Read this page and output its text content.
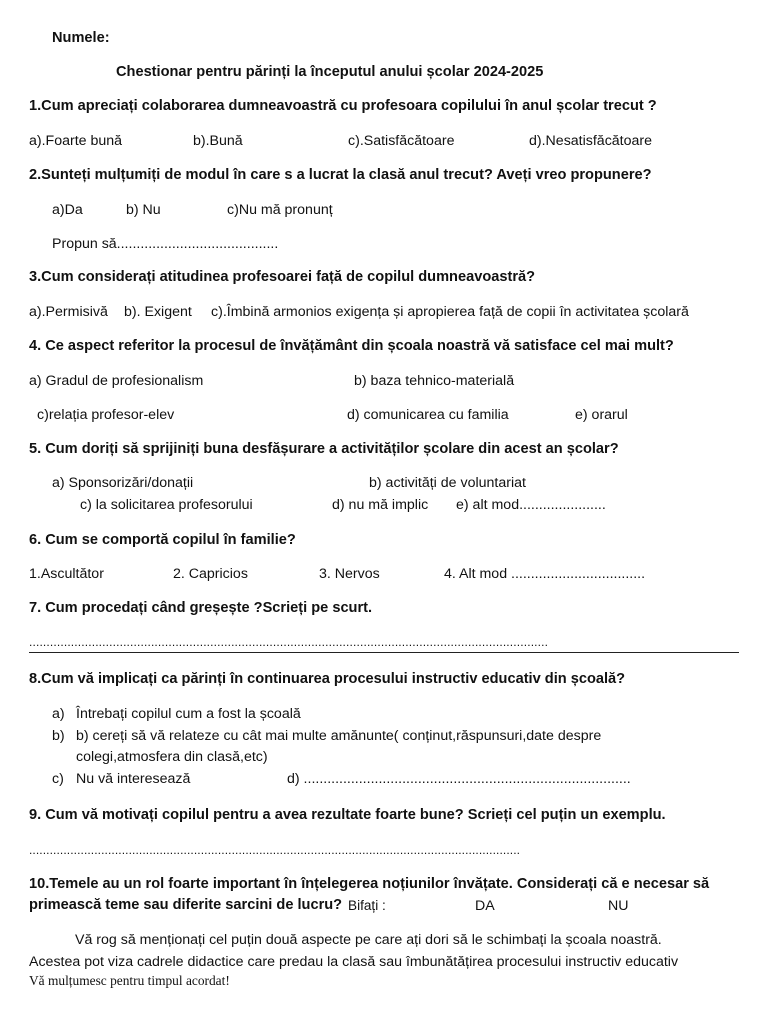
Numele:
Chestionar pentru părinți la începutul anului școlar 2024-2025
1.Cum apreciați colaborarea dumneavoastră cu profesoara copilului în anul școlar trecut ?
a).Foarte bună	b).Bună	c).Satisfăcătoare	d).Nesatisfăcătoare
2.Sunteți mulțumiți de modul în care s a lucrat la clasă anul trecut? Aveți vreo propunere?
a)Da	b) Nu	c)Nu mă pronunț
Propun să.........................................
3.Cum considerați atitudinea profesoarei față de copilul dumneavoastră?
a).Permisivă b). Exigent c).Îmbină armonios exigența și apropierea față de copii în activitatea școlară
4. Ce aspect referitor la procesul de învățământ din școala noastră vă satisface cel mai mult?
a) Gradul de profesionalism	b) baza tehnico-materială
c)relația profesor-elev	d) comunicarea cu familia	e) orarul
5. Cum doriți să sprijiniți buna desfășurare a activităților școlare din acest an școlar?
a) Sponsorizări/donații	b) activități de voluntariat
c) la solicitarea profesorului	d) nu mă implic e) alt mod......................
6. Cum se comportă copilul în familie?
1.Ascultător	2. Capricios	3. Nervos	4. Alt mod ..................................
7. Cum procedați când greșește ?Scrieți pe scurt.
.....................................................................................................................................................
8.Cum vă implicați ca părinți în continuarea procesului instructiv educativ din școală?
a) Întrebați copilul cum a fost la școală
b) b) cereți să vă relateze cu cât mai multe amănunte( conținut,răspunsuri,date despre
colegi,atmosfera din clasă,etc)
c) Nu vă interesează	d) ...................................................................................
9. Cum vă motivați copilul pentru a avea rezultate foarte bune? Scrieți cel puțin un exemplu.
...............................................................................................................................................
10.Temele au un rol foarte important în înțelegerea noțiunilor învățate. Considerați că e necesar să
primească teme sau diferite sarcini de lucru? Bifați :	DA	NU
Vă rog să menționați cel puțin două aspecte pe care ați dori să le schimbați la școala noastră.
Acestea pot viza cadrele didactice care predau la clasă sau îmbunătățirea procesului instructiv educativ
Vă mulțumesc pentru timpul acordat!
